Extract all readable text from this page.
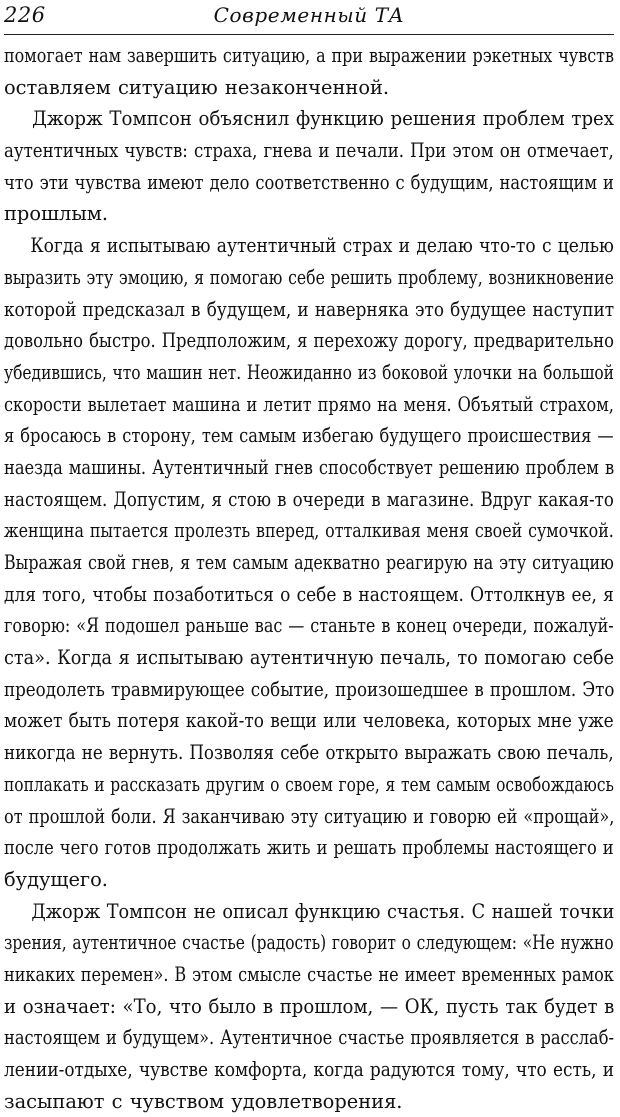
226	Современный ТА
помогает нам завершить ситуацию, а при выражении рэкетных чувств
оставляем ситуацию незаконченной.
Джорж Томпсон объяснил функцию решения проблем трех
аутентичных чувств: страха, гнева и печали. При этом он отмечает,
что эти чувства имеют дело соответственно с будущим, настоящим и
прошлым.
Когда я испытываю аутентичный страх и делаю что-то с целью
выразить эту эмоцию, я помогаю себе решить проблему, возникновение
которой предсказал в будущем, и наверняка это будущее наступит
довольно быстро. Предположим, я перехожу дорогу, предварительно
убедившись, что машин нет. Неожиданно из боковой улочки на большой
скорости вылетает машина и летит прямо на меня. Объятый страхом,
я бросаюсь в сторону, тем самым избегаю будущего происшествия —
наезда машины. Аутентичный гнев способствует решению проблем в
настоящем. Допустим, я стою в очереди в магазине. Вдруг какая-то
женщина пытается пролезть вперед, отталкивая меня своей сумочкой.
Выражая свой гнев, я тем самым адекватно реагирую на эту ситуацию
для того, чтобы позаботиться о себе в настоящем. Оттолкнув ее, я
говорю: «Я подошел раньше вас — станьте в конец очереди, пожалуй-
ста». Когда я испытываю аутентичную печаль, то помогаю себе
преодолеть травмирующее событие, произошедшее в прошлом. Это
может быть потеря какой-то вещи или человека, которых мне уже
никогда не вернуть. Позволяя себе открыто выражать свою печаль,
поплакать и рассказать другим о своем горе, я тем самым освобождаюсь
от прошлой боли. Я заканчиваю эту ситуацию и говорю ей «прощай»,
после чего готов продолжать жить и решать проблемы настоящего и
будущего.
Джорж Томпсон не описал функцию счастья. С нашей точки
зрения, аутентичное счастье (радость) говорит о следующем: «Не нужно
никаких перемен». В этом смысле счастье не имеет временных рамок
и означает: «То, что было в прошлом, — ОК, пусть так будет в
настоящем и будущем». Аутентичное счастье проявляется в расслаб-
лении-отдыхе, чувстве комфорта, когда радуются тому, что есть, и
засыпают с чувством удовлетворения.
